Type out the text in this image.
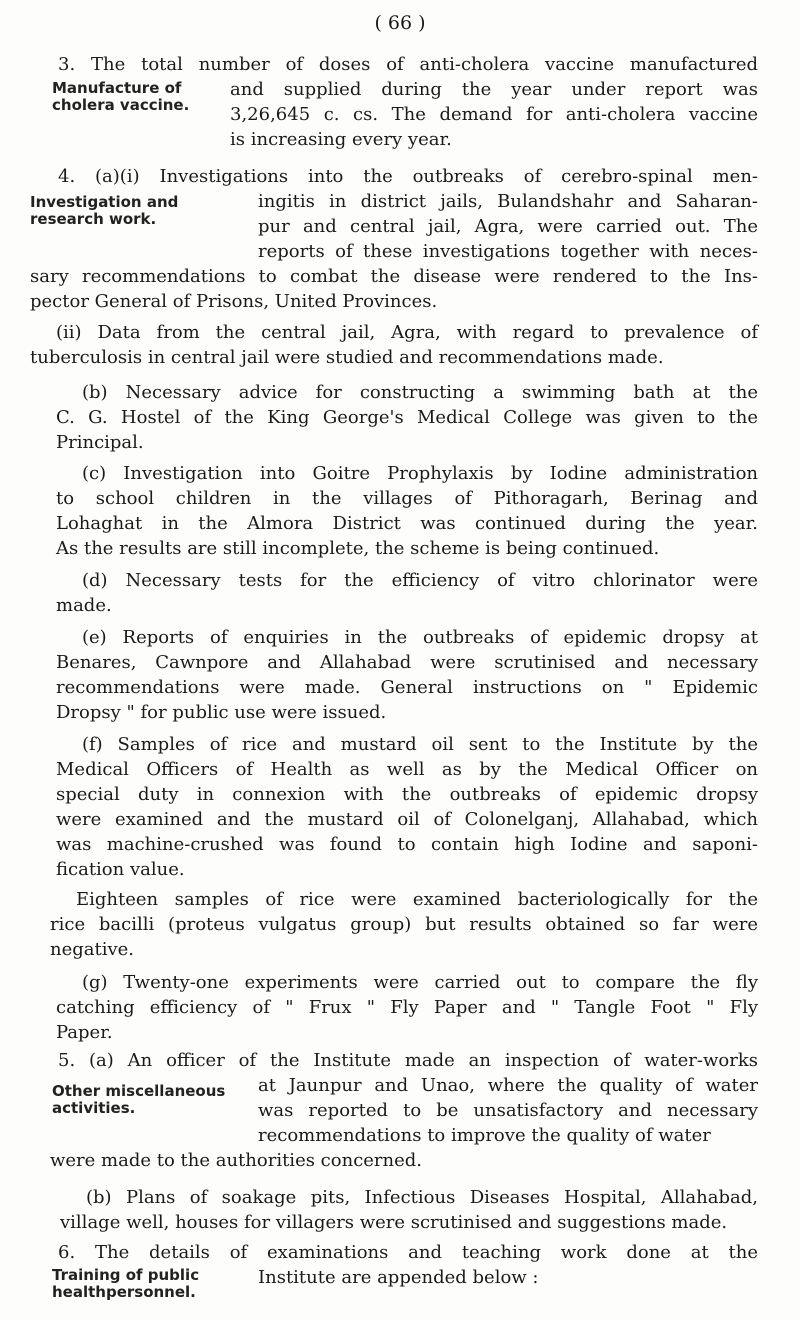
( 66 )
3. The total number of doses of anti-cholera vaccine manufactured
Manufacture of cholera vaccine.
and supplied during the year under report was
3,26,645 c. cs. The demand for anti-cholera vaccine
is increasing every year.
4. (a)(i) Investigations into the outbreaks of cerebro-spinal men-
Investigation and research work.
ingitis in district jails, Bulandshahr and Saharan-
pur and central jail, Agra, were carried out. The
reports of these investigations together with neces-
sary recommendations to combat the disease were rendered to the Ins-
pector General of Prisons, United Provinces.
(ii) Data from the central jail, Agra, with regard to prevalence of
tuberculosis in central jail were studied and recommendations made.
(b) Necessary advice for constructing a swimming bath at the
C. G. Hostel of the King George's Medical College was given to the
Principal.
(c) Investigation into Goitre Prophylaxis by Iodine administration
to school children in the villages of Pithoragarh, Berinag and
Lohaghat in the Almora District was continued during the year.
As the results are still incomplete, the scheme is being continued.
(d) Necessary tests for the efficiency of vitro chlorinator were
made.
(e) Reports of enquiries in the outbreaks of epidemic dropsy at
Benares, Cawnpore and Allahabad were scrutinised and necessary
recommendations were made. General instructions on " Epidemic
Dropsy " for public use were issued.
(f) Samples of rice and mustard oil sent to the Institute by the
Medical Officers of Health as well as by the Medical Officer on
special duty in connexion with the outbreaks of epidemic dropsy
were examined and the mustard oil of Colonelganj, Allahabad, which
was machine-crushed was found to contain high Iodine and saponi-
fication value.
Eighteen samples of rice were examined bacteriologically for the
rice bacilli (proteus vulgatus group) but results obtained so far were
negative.
(g) Twenty-one experiments were carried out to compare the fly
catching efficiency of " Frux " Fly Paper and " Tangle Foot " Fly
Paper.
5. (a) An officer of the Institute made an inspection of water-works
Other miscellaneous activities.
at Jaunpur and Unao, where the quality of water
was reported to be unsatisfactory and necessary
recommendations to improve the quality of water
were made to the authorities concerned.
(b) Plans of soakage pits, Infectious Diseases Hospital, Allahabad,
village well, houses for villagers were scrutinised and suggestions made.
6. The details of examinations and teaching work done at the
Training of public healthpersonnel.
Institute are appended below :
